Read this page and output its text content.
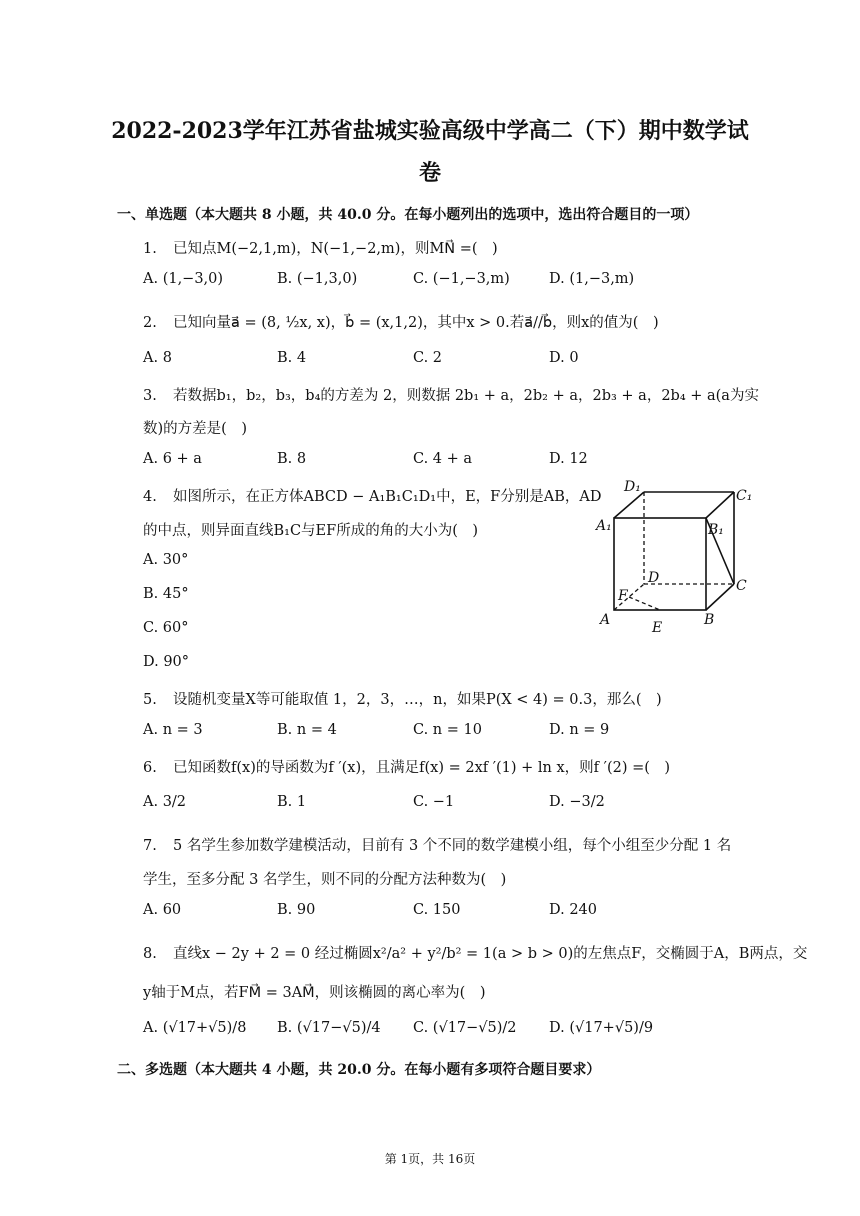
2022-2023学年江苏省盐城实验高级中学高二（下）期中数学试
卷
一、单选题（本大题共 8 小题，共 40.0 分。在每小题列出的选项中，选出符合题目的一项）
1. 已知点M(−2,1,m)，N(−1,−2,m)，则MN⃗ =(　)
A. (1,−3,0)	B. (−1,3,0)	C. (−1,−3,m)	D. (1,−3,m)
2. 已知向量a⃗ = (8, ½x, x)，b⃗ = (x,1,2)，其中x > 0.若a⃗//b⃗，则x的值为(　)
A. 8	B. 4	C. 2	D. 0
3. 若数据b₁，b₂，b₃，b₄的方差为 2，则数据 2b₁ + a，2b₂ + a，2b₃ + a，2b₄ + a(a为实
数)的方差是(　)
A. 6 + a	B. 8	C. 4 + a	D. 12
4. 如图所示，在正方体ABCD − A₁B₁C₁D₁中，E，F分别是AB，AD
的中点，则异面直线B₁C与EF所成的角的大小为(　)
A. 30°
B. 45°
C. 60°
D. 90°
D₁
C₁
A₁	B₁
D	C
F
A	E	B
5. 设随机变量X等可能取值 1，2，3，…，n，如果P(X < 4) = 0.3，那么(　)
A. n = 3	B. n = 4	C. n = 10	D. n = 9
6. 已知函数f(x)的导函数为f ′(x)，且满足f(x) = 2xf ′(1) + ln x，则f ′(2) =(　)
A. 3/2	B. 1	C. −1	D. −3/2
7. 5 名学生参加数学建模活动，目前有 3 个不同的数学建模小组，每个小组至少分配 1 名
学生，至多分配 3 名学生，则不同的分配方法种数为(　)
A. 60	B. 90	C. 150	D. 240
8. 直线x − 2y + 2 = 0 经过椭圆x²/a² + y²/b² = 1(a > b > 0)的左焦点F，交椭圆于A，B两点，交
y轴于M点，若FM⃗ = 3AM⃗，则该椭圆的离心率为(　)
A. (√17+√5)/8 B. (√17−√5)/4 C. (√17−√5)/2 D. (√17+√5)/9
二、多选题（本大题共 4 小题，共 20.0 分。在每小题有多项符合题目要求）
第 1页，共 16页
